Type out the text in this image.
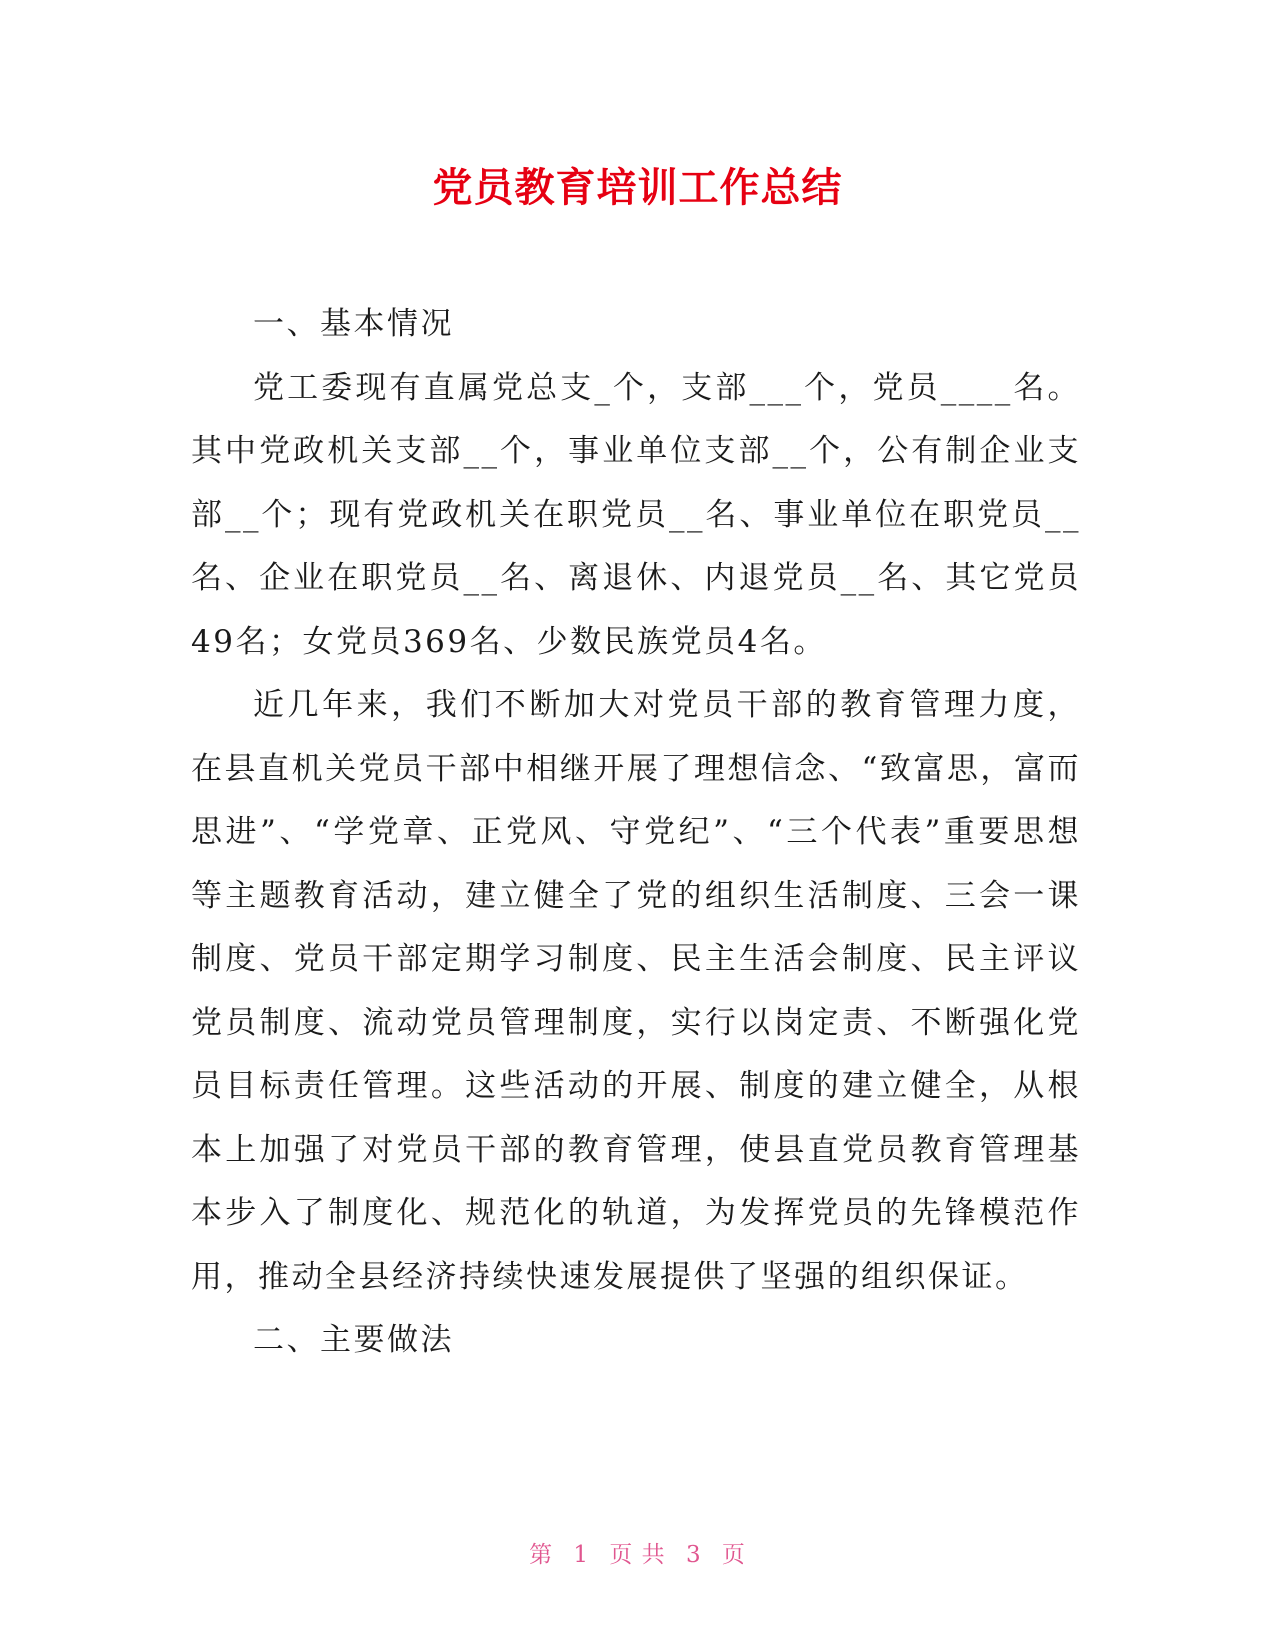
党员教育培训工作总结

一、基本情况

党工委现有直属党总支_个，支部___个，党员____名。其中党政机关支部__个，事业单位支部__个，公有制企业支部__个；现有党政机关在职党员__名、事业单位在职党员__名、企业在职党员__名、离退休、内退党员__名、其它党员49名；女党员369名、少数民族党员4名。

近几年来，我们不断加大对党员干部的教育管理力度，在县直机关党员干部中相继开展了理想信念、“致富思，富而思进”、“学党章、正党风、守党纪”、“三个代表”重要思想等主题教育活动，建立健全了党的组织生活制度、三会一课制度、党员干部定期学习制度、民主生活会制度、民主评议党员制度、流动党员管理制度，实行以岗定责、不断强化党员目标责任管理。这些活动的开展、制度的建立健全，从根本上加强了对党员干部的教育管理，使县直党员教育管理基本步入了制度化、规范化的轨道，为发挥党员的先锋模范作用，推动全县经济持续快速发展提供了坚强的组织保证。

二、主要做法

第 1 页 共 3 页
